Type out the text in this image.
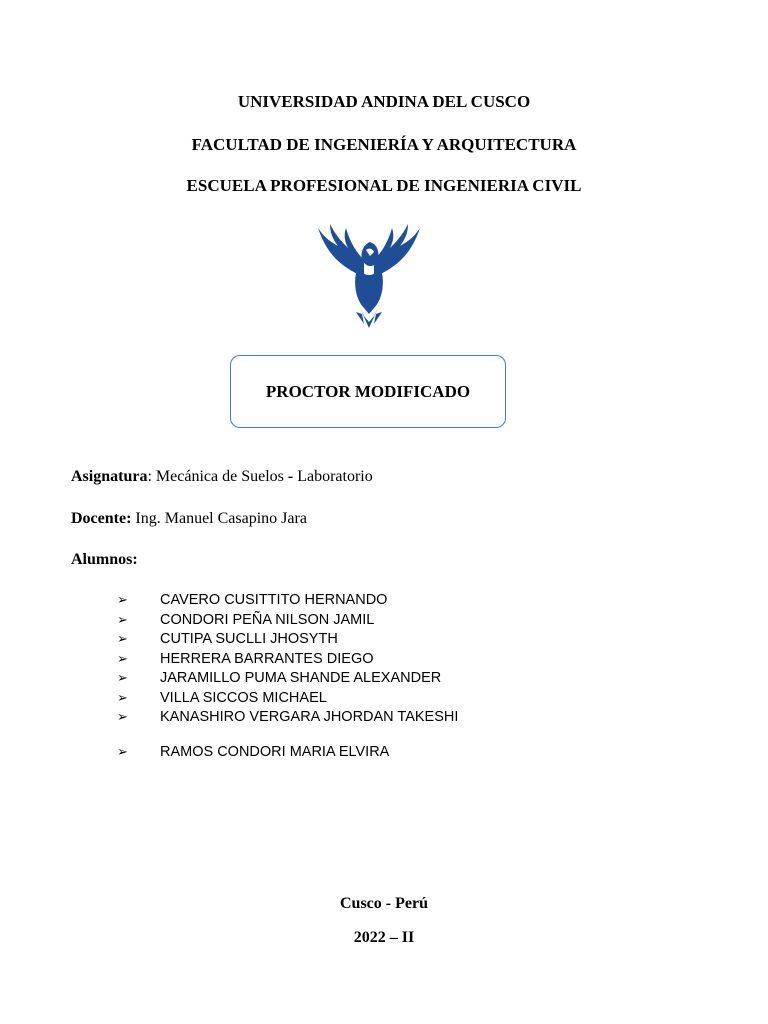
UNIVERSIDAD ANDINA DEL CUSCO
FACULTAD DE INGENIERÍA Y ARQUITECTURA
ESCUELA PROFESIONAL DE INGENIERIA CIVIL
PROCTOR MODIFICADO
Asignatura: Mecánica de Suelos - Laboratorio
Docente: Ing. Manuel Casapino Jara
Alumnos:
➢	CAVERO CUSITTITO HERNANDO
➢	CONDORI PEÑA NILSON JAMIL
➢	CUTIPA SUCLLI JHOSYTH
➢	HERRERA BARRANTES DIEGO
➢	JARAMILLO PUMA SHANDE ALEXANDER
➢	VILLA SICCOS MICHAEL
➢	KANASHIRO VERGARA JHORDAN TAKESHI
➢	RAMOS CONDORI MARIA ELVIRA
Cusco - Perú
2022 – II
